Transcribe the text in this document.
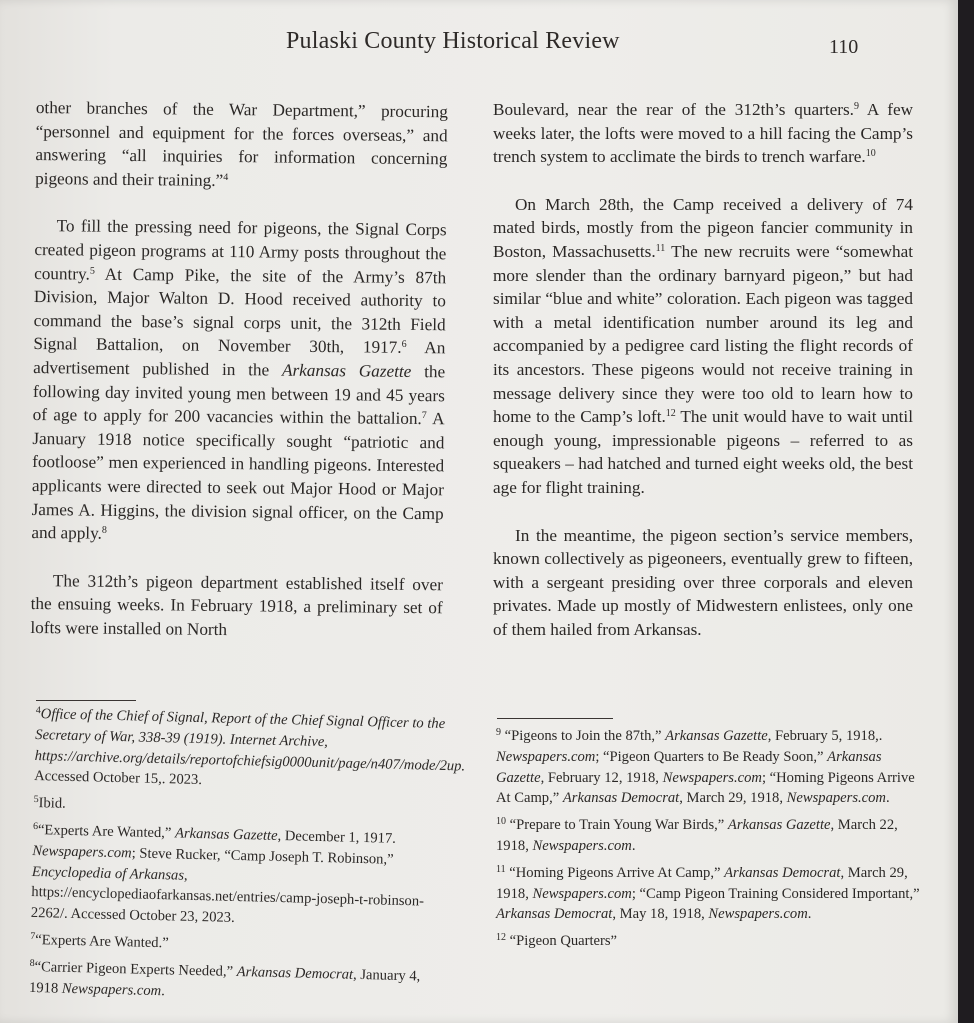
Pulaski County Historical Review	110

other branches of the War Department,” procuring “personnel and equipment for the forces overseas,” and answering “all inquiries for information concerning pigeons and their training.”$^4$

To fill the pressing need for pigeons, the Signal Corps created pigeon programs at 110 Army posts throughout the country.$^5$ At Camp Pike, the site of the Army’s 87th Division, Major Walton D. Hood received authority to command the base’s signal corps unit, the 312th Field Signal Battalion, on November 30th, 1917.$^6$ An advertisement published in the Arkansas Gazette the following day invited young men between 19 and 45 years of age to apply for 200 vacancies within the battalion.$^7$ A January 1918 notice specifically sought “patriotic and footloose” men experienced in handling pigeons. Interested applicants were directed to seek out Major Hood or Major James A. Higgins, the division signal officer, on the Camp and apply.$^8$

The 312th’s pigeon department established itself over the ensuing weeks. In February 1918, a preliminary set of lofts were installed on North

Boulevard, near the rear of the 312th’s quarters.$^9$ A few weeks later, the lofts were moved to a hill facing the Camp’s trench system to acclimate the birds to trench warfare.$^{10}$

On March 28th, the Camp received a delivery of 74 mated birds, mostly from the pigeon fancier community in Boston, Massachusetts.$^{11}$ The new recruits were “somewhat more slender than the ordinary barnyard pigeon,” but had similar “blue and white” coloration. Each pigeon was tagged with a metal identification number around its leg and accompanied by a pedigree card listing the flight records of its ancestors. These pigeons would not receive training in message delivery since they were too old to learn how to home to the Camp’s loft.$^{12}$ The unit would have to wait until enough young, impressionable pigeons – referred to as squeakers – had hatched and turned eight weeks old, the best age for flight training.

In the meantime, the pigeon section’s service members, known collectively as pigeoneers, eventually grew to fifteen, with a sergeant presiding over three corporals and eleven privates. Made up mostly of Midwestern enlistees, only one of them hailed from Arkansas.

$^4$Office of the Chief of Signal, Report of the Chief Signal Officer to the Secretary of War, 338-39 (1919). Internet Archive, https://archive.org/details/reportofchiefsig0000unit/page/n407/mode/2up. Accessed October 15,. 2023.

$^5$Ibid.

$^6$“Experts Are Wanted,” Arkansas Gazette, December 1, 1917. Newspapers.com; Steve Rucker, “Camp Joseph T. Robinson,” Encyclopedia of Arkansas, https://encyclopediaofarkansas.net/entries/camp-joseph-t-robinson-2262/. Accessed October 23, 2023.

$^7$“Experts Are Wanted.”

$^8$“Carrier Pigeon Experts Needed,” Arkansas Democrat, January 4, 1918 Newspapers.com.

$^9$ “Pigeons to Join the 87th,” Arkansas Gazette, February 5, 1918,. Newspapers.com; “Pigeon Quarters to Be Ready Soon,” Arkansas Gazette, February 12, 1918, Newspapers.com; “Homing Pigeons Arrive At Camp,” Arkansas Democrat, March 29, 1918, Newspapers.com.

$^{10}$ “Prepare to Train Young War Birds,” Arkansas Gazette, March 22, 1918, Newspapers.com.

$^{11}$ “Homing Pigeons Arrive At Camp,” Arkansas Democrat, March 29, 1918, Newspapers.com; “Camp Pigeon Training Considered Important,” Arkansas Democrat, May 18, 1918, Newspapers.com.

$^{12}$ “Pigeon Quarters”
